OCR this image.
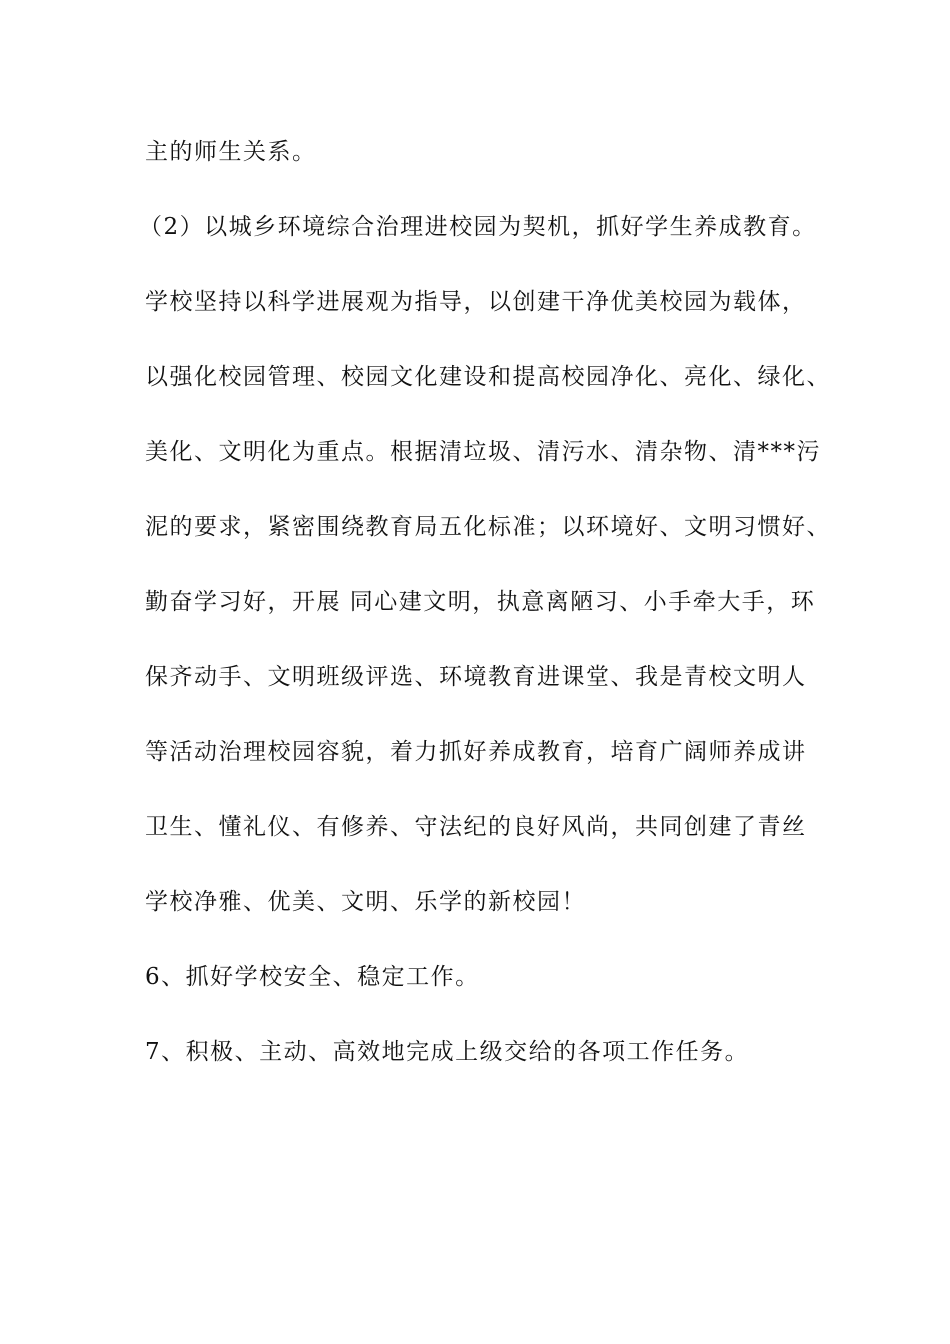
主的师生关系。
（2）以城乡环境综合治理进校园为契机，抓好学生养成教育。
学校坚持以科学进展观为指导，以创建干净优美校园为载体，
以强化校园管理、校园文化建设和提高校园净化、亮化、绿化、
美化、文明化为重点。根据清垃圾、清污水、清杂物、清***污
泥的要求，紧密围绕教育局五化标准；以环境好、文明习惯好、
勤奋学习好，开展 同心建文明，执意离陋习、小手牵大手，环
保齐动手、文明班级评选、环境教育进课堂、我是青校文明人
等活动治理校园容貌，着力抓好养成教育，培育广阔师养成讲
卫生、懂礼仪、有修养、守法纪的良好风尚，共同创建了青丝
学校净雅、优美、文明、乐学的新校园！
6、抓好学校安全、稳定工作。
7、积极、主动、高效地完成上级交给的各项工作任务。
